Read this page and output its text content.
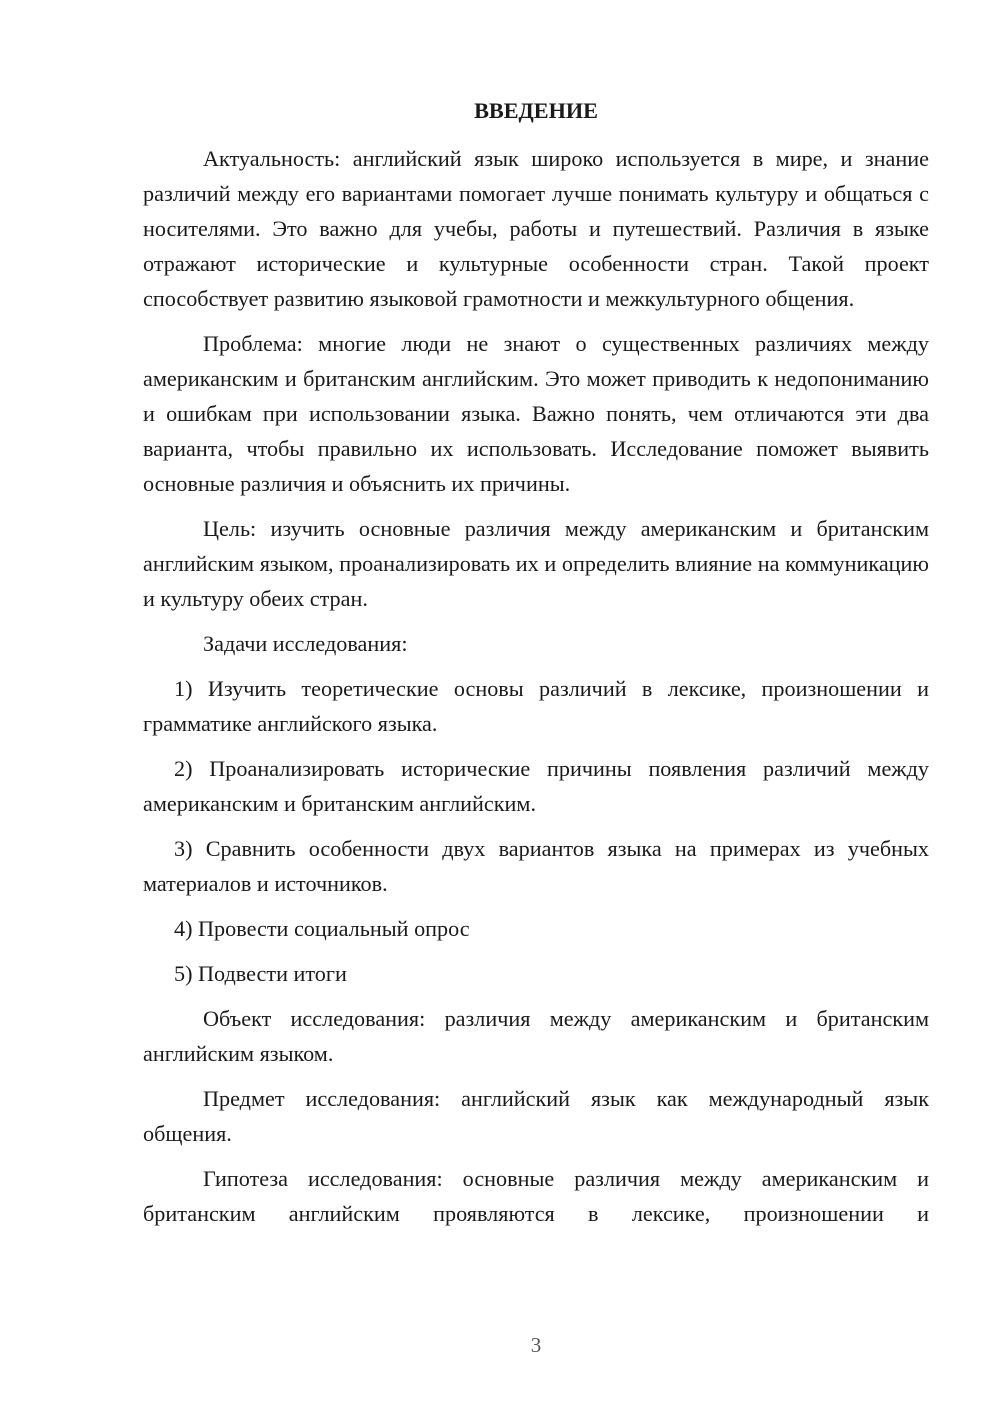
ВВЕДЕНИЕ

Актуальность: английский язык широко используется в мире, и знание различий между его вариантами помогает лучше понимать культуру и общаться с носителями. Это важно для учебы, работы и путешествий. Различия в языке отражают исторические и культурные особенности стран. Такой проект способствует развитию языковой грамотности и межкультурного общения.

Проблема: многие люди не знают о существенных различиях между американским и британским английским. Это может приводить к недопониманию и ошибкам при использовании языка. Важно понять, чем отличаются эти два варианта, чтобы правильно их использовать. Исследование поможет выявить основные различия и объяснить их причины.

Цель: изучить основные различия между американским и британским английским языком, проанализировать их и определить влияние на коммуникацию и культуру обеих стран.

Задачи исследования:

1) Изучить теоретические основы различий в лексике, произношении и грамматике английского языка.

2) Проанализировать исторические причины появления различий между американским и британским английским.

3) Сравнить особенности двух вариантов языка на примерах из учебных материалов и источников.

4) Провести социальный опрос

5) Подвести итоги

Объект исследования: различия между американским и британским английским языком.

Предмет исследования: английский язык как международный язык общения.

Гипотеза исследования: основные различия между американским и британским английским проявляются в лексике, произношении и

3
